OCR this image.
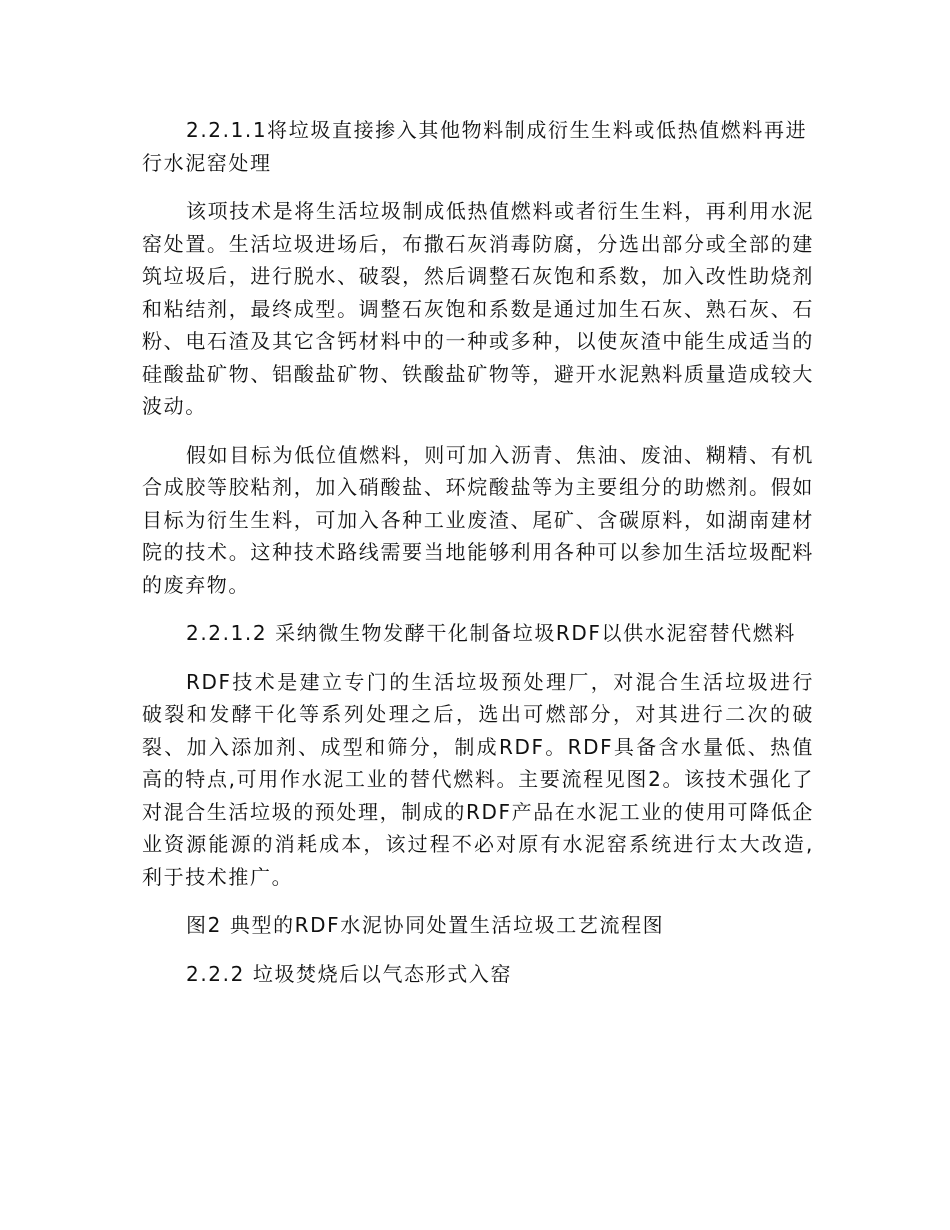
2.2.1.1将垃圾直接掺入其他物料制成衍生生料或低热值燃料再进行水泥窑处理

该项技术是将生活垃圾制成低热值燃料或者衍生生料，再利用水泥窑处置。生活垃圾进场后，布撒石灰消毒防腐，分选出部分或全部的建筑垃圾后，进行脱水、破裂，然后调整石灰饱和系数，加入改性助烧剂和粘结剂，最终成型。调整石灰饱和系数是通过加生石灰、熟石灰、石粉、电石渣及其它含钙材料中的一种或多种，以使灰渣中能生成适当的硅酸盐矿物、铝酸盐矿物、铁酸盐矿物等，避开水泥熟料质量造成较大波动。

假如目标为低位值燃料，则可加入沥青、焦油、废油、糊精、有机合成胶等胶粘剂，加入硝酸盐、环烷酸盐等为主要组分的助燃剂。假如目标为衍生生料，可加入各种工业废渣、尾矿、含碳原料，如湖南建材院的技术。这种技术路线需要当地能够利用各种可以参加生活垃圾配料的废弃物。

2.2.1.2 采纳微生物发酵干化制备垃圾RDF以供水泥窑替代燃料

RDF技术是建立专门的生活垃圾预处理厂，对混合生活垃圾进行破裂和发酵干化等系列处理之后，选出可燃部分，对其进行二次的破裂、加入添加剂、成型和筛分，制成RDF。RDF具备含水量低、热值高的特点,可用作水泥工业的替代燃料。主要流程见图2。该技术强化了对混合生活垃圾的预处理，制成的RDF产品在水泥工业的使用可降低企业资源能源的消耗成本，该过程不必对原有水泥窑系统进行太大改造,利于技术推广。

图2 典型的RDF水泥协同处置生活垃圾工艺流程图

2.2.2 垃圾焚烧后以气态形式入窑
